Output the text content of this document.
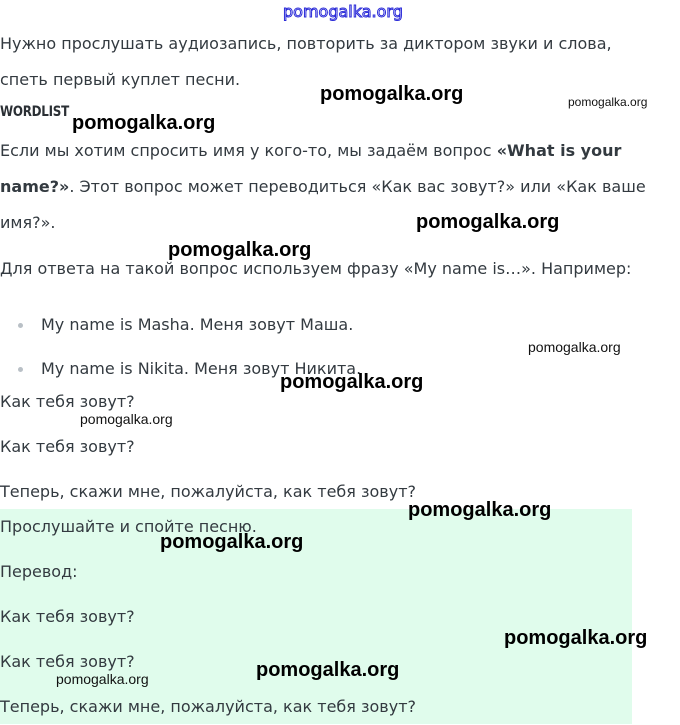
pomogalka.org

Нужно прослушать аудиозапись, повторить за диктором звуки и слова, спеть первый куплет песни.

WORDLIST

Если мы хотим спросить имя у кого-то, мы задаём вопрос «What is your name?». Этот вопрос может переводиться «Как вас зовут?» или «Как ваше имя?».

Для ответа на такой вопрос используем фразу «My name is…». Например:

My name is Masha. Меня зовут Маша.
My name is Nikita. Меня зовут Никита.

Как тебя зовут?

Как тебя зовут?

Теперь, скажи мне, пожалуйста, как тебя зовут?

Прослушайте и спойте песню.

Перевод:

Как тебя зовут?

Как тебя зовут?

Теперь, скажи мне, пожалуйста, как тебя зовут?

pomogalka.org	pomogalka.org
pomogalka.org
pomogalka.org
pomogalka.org
pomogalka.org
pomogalka.org
pomogalka.org
pomogalka.org
pomogalka.org
pomogalka.org
pomogalka.org
pomogalka.org
